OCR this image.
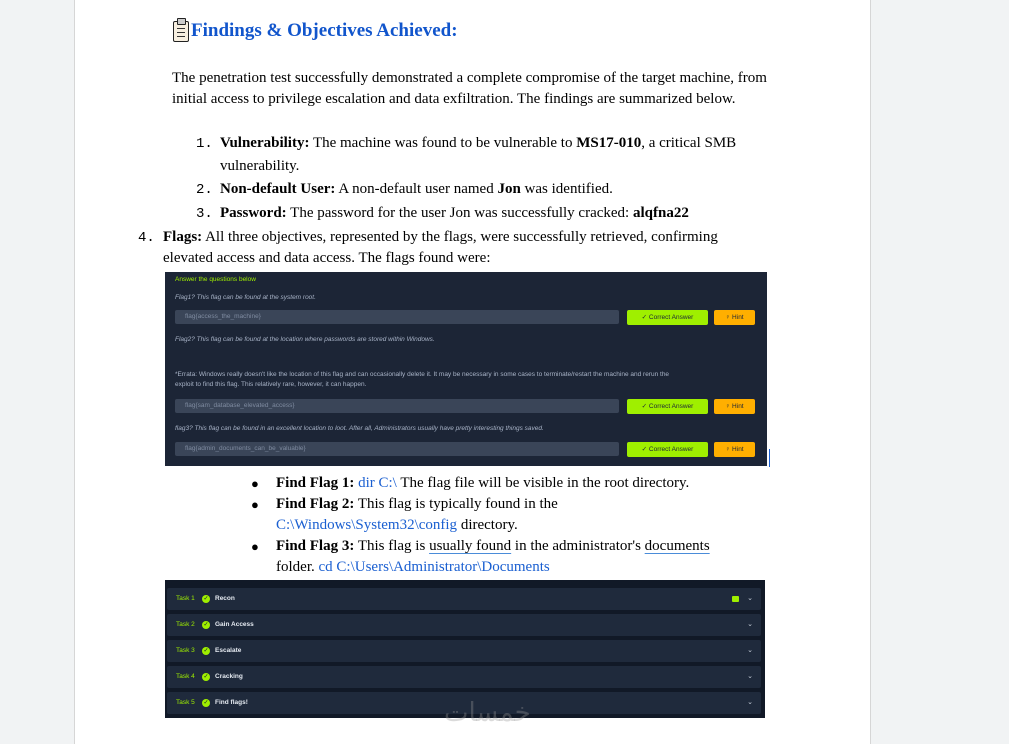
Findings & Objectives Achieved:
The penetration test successfully demonstrated a complete compromise of the target machine, from initial access to privilege escalation and data exfiltration. The findings are summarized below.
1. Vulnerability: The machine was found to be vulnerable to MS17-010, a critical SMB
vulnerability.
2. Non-default User: A non-default user named Jon was identified.
3. Password: The password for the user Jon was successfully cracked: alqfna22
4. Flags: All three objectives, represented by the flags, were successfully retrieved, confirming
elevated access and data access. The flags found were:
Answer the questions below
Flag1? This flag can be found at the system root.
flag{access_the_machine}	✓ Correct Answer	♀ Hint
Flag2? This flag can be found at the location where passwords are stored within Windows.
*Errata: Windows really doesn't like the location of this flag and can occasionally delete it. It may be necessary in some cases to terminate/restart the machine and rerun the
exploit to find this flag. This relatively rare, however, it can happen.
flag{sam_database_elevated_access}	✓ Correct Answer	♀ Hint
flag3? This flag can be found in an excellent location to loot. After all, Administrators usually have pretty interesting things saved.
flag{admin_documents_can_be_valuable}	✓ Correct Answer	♀ Hint
● Find Flag 1: dir C:\ The flag file will be visible in the root directory.
● Find Flag 2: This flag is typically found in the
C:\Windows\System32\config directory.
● Find Flag 3: This flag is usually found in the administrator's documents
folder. cd C:\Users\Administrator\Documents
Task 1 ✓ Recon	⌄
Task 2 ✓ Gain Access	⌄
Task 3 ✓ Escalate	⌄
Task 4 ✓ Cracking	⌄
Task 5 ✓ Find flags!	⌄
خمسات
